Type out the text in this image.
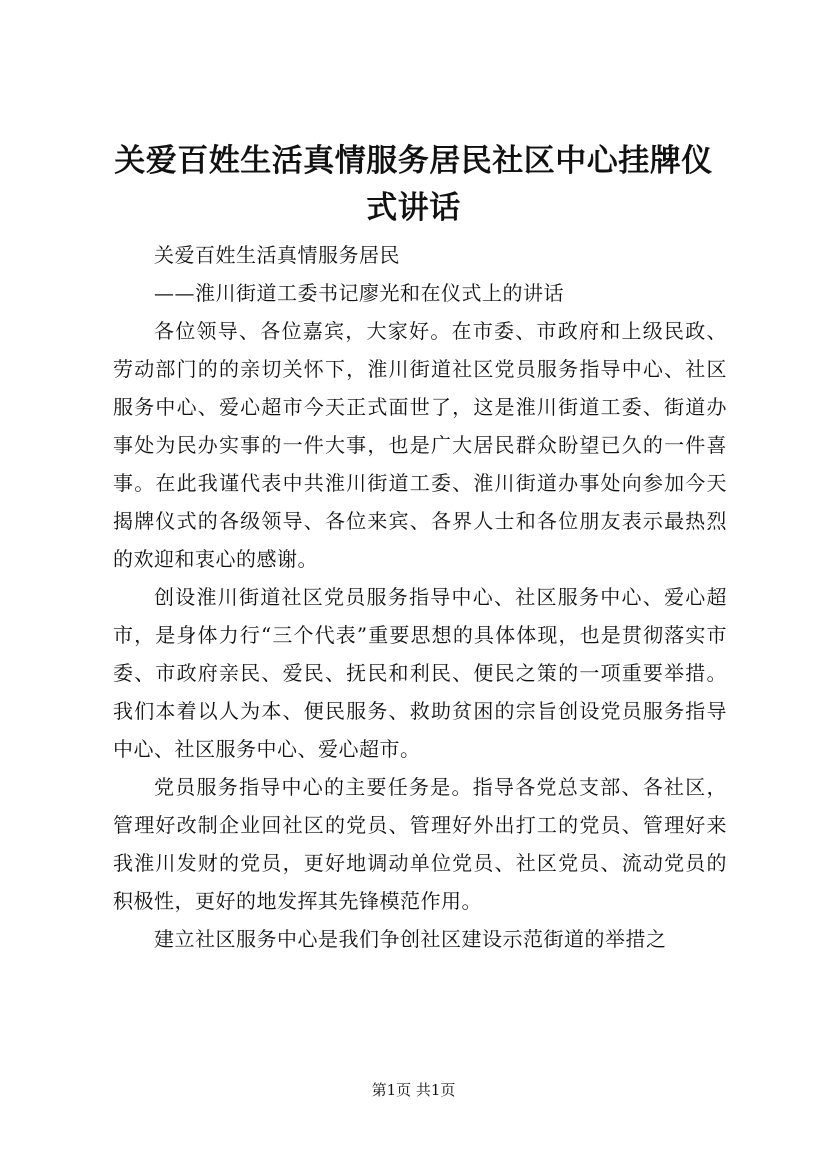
关爱百姓生活真情服务居民社区中心挂牌仪式讲话

关爱百姓生活真情服务居民

——淮川街道工委书记廖光和在仪式上的讲话

各位领导、各位嘉宾，大家好。在市委、市政府和上级民政、劳动部门的的亲切关怀下，淮川街道社区党员服务指导中心、社区服务中心、爱心超市今天正式面世了，这是淮川街道工委、街道办事处为民办实事的一件大事，也是广大居民群众盼望已久的一件喜事。在此我谨代表中共淮川街道工委、淮川街道办事处向参加今天揭牌仪式的各级领导、各位来宾、各界人士和各位朋友表示最热烈的欢迎和衷心的感谢。

创设淮川街道社区党员服务指导中心、社区服务中心、爱心超市，是身体力行“三个代表”重要思想的具体体现，也是贯彻落实市委、市政府亲民、爱民、抚民和利民、便民之策的一项重要举措。我们本着以人为本、便民服务、救助贫困的宗旨创设党员服务指导中心、社区服务中心、爱心超市。

党员服务指导中心的主要任务是。指导各党总支部、各社区，管理好改制企业回社区的党员、管理好外出打工的党员、管理好来我淮川发财的党员，更好地调动单位党员、社区党员、流动党员的积极性，更好的地发挥其先锋模范作用。

建立社区服务中心是我们争创社区建设示范街道的举措之

第1页 共1页
